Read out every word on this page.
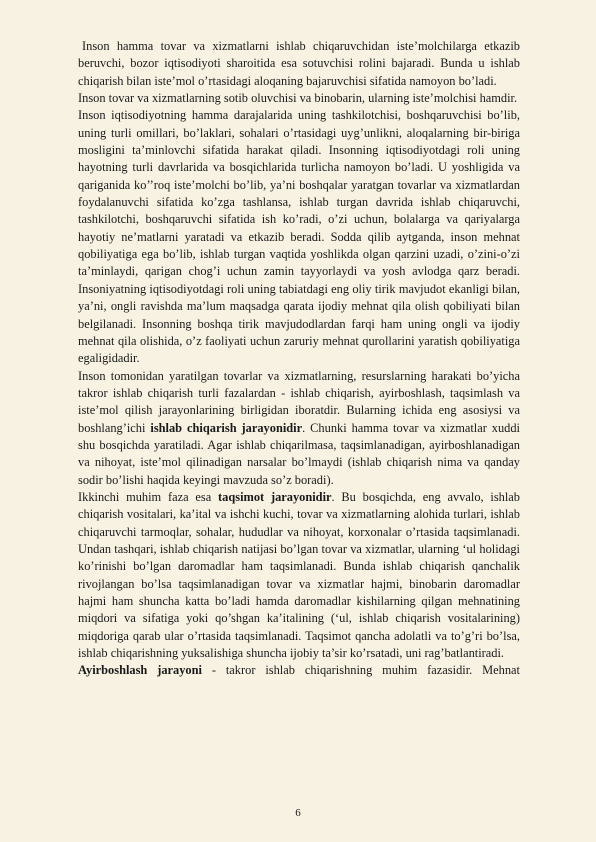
Inson hamma tovar va xizmatlarni ishlab chiqaruvchidan iste’molchilarga etkazib beruvchi, bozor iqtisodiyoti sharoitida esa sotuvchisi rolini bajaradi. Bunda u ishlab chiqarish bilan iste’mol o’rtasidagi aloqaning bajaruvchisi sifatida namoyon bo’ladi.

Inson tovar va xizmatlarning sotib oluvchisi va binobarin, ularning iste’molchisi hamdir.

Inson iqtisodiyotning hamma darajalarida uning tashkilotchisi, boshqaruvchisi bo’lib, uning turli omillari, bo’laklari, sohalari o’rtasidagi uyg’unlikni, aloqalarning bir-biriga mosligini ta’minlovchi sifatida harakat qiladi. Insonning iqtisodiyotdagi roli uning hayotning turli davrlarida va bosqichlarida turlicha namoyon bo’ladi. U yoshligida va qariganida ko’’roq iste’molchi bo’lib, ya’ni boshqalar yaratgan tovarlar va xizmatlardan foydalanuvchi sifatida ko’zga tashlansa, ishlab turgan davrida ishlab chiqaruvchi, tashkilotchi, boshqaruvchi sifatida ish ko’radi, o’zi uchun, bolalarga va qariyalarga hayotiy ne’matlarni yaratadi va etkazib beradi. Sodda qilib aytganda, inson mehnat qobiliyatiga ega bo’lib, ishlab turgan vaqtida yoshlikda olgan qarzini uzadi, o’zini-o’zi ta’minlaydi, qarigan chog’i uchun zamin tayyorlaydi va yosh avlodga qarz beradi. Insoniyatning iqtisodiyotdagi roli uning tabiatdagi eng oliy tirik mavjudot ekanligi bilan, ya’ni, ongli ravishda ma’lum maqsadga qarata ijodiy mehnat qila olish qobiliyati bilan belgilanadi. Insonning boshqa tirik mavjudodlardan farqi ham uning ongli va ijodiy mehnat qila olishida, o’z faoliyati uchun zaruriy mehnat qurollarini yaratish qobiliyatiga egaligidadir.

Inson tomonidan yaratilgan tovarlar va xizmatlarning, resurslarning harakati bo’yicha takror ishlab chiqarish turli fazalardan - ishlab chiqarish, ayirboshlash, taqsimlash va iste’mol qilish jarayonlarining birligidan iboratdir. Bularning ichida eng asosiysi va boshlang’ichi ishlab chiqarish jarayonidir. Chunki hamma tovar va xizmatlar xuddi shu bosqichda yaratiladi. Agar ishlab chiqarilmasa, taqsimlanadigan, ayirboshlanadigan va nihoyat, iste’mol qilinadigan narsalar bo’lmaydi (ishlab chiqarish nima va qanday sodir bo’lishi haqida keyingi mavzuda so’z boradi).

Ikkinchi muhim faza esa taqsimot jarayonidir. Bu bosqichda, eng avvalo, ishlab chiqarish vositalari, ka’ital va ishchi kuchi, tovar va xizmatlarning alohida turlari, ishlab chiqaruvchi tarmoqlar, sohalar, hududlar va nihoyat, korxonalar o’rtasida taqsimlanadi. Undan tashqari, ishlab chiqarish natijasi bo’lgan tovar va xizmatlar, ularning ‘ul holidagi ko’rinishi bo’lgan daromadlar ham taqsimlanadi. Bunda ishlab chiqarish qanchalik rivojlangan bo’lsa taqsimlanadigan tovar va xizmatlar hajmi, binobarin daromadlar hajmi ham shuncha katta bo’ladi hamda daromadlar kishilarning qilgan mehnatining miqdori va sifatiga yoki qo’shgan ka’italining (‘ul, ishlab chiqarish vositalarining) miqdoriga qarab ular o’rtasida taqsimlanadi. Taqsimot qancha adolatli va to’g’ri bo’lsa, ishlab chiqarishning yuksalishiga shuncha ijobiy ta’sir ko’rsatadi, uni rag’batlantiradi.

Ayirboshlash jarayoni - takror ishlab chiqarishning muhim fazasidir. Mehnat

6
